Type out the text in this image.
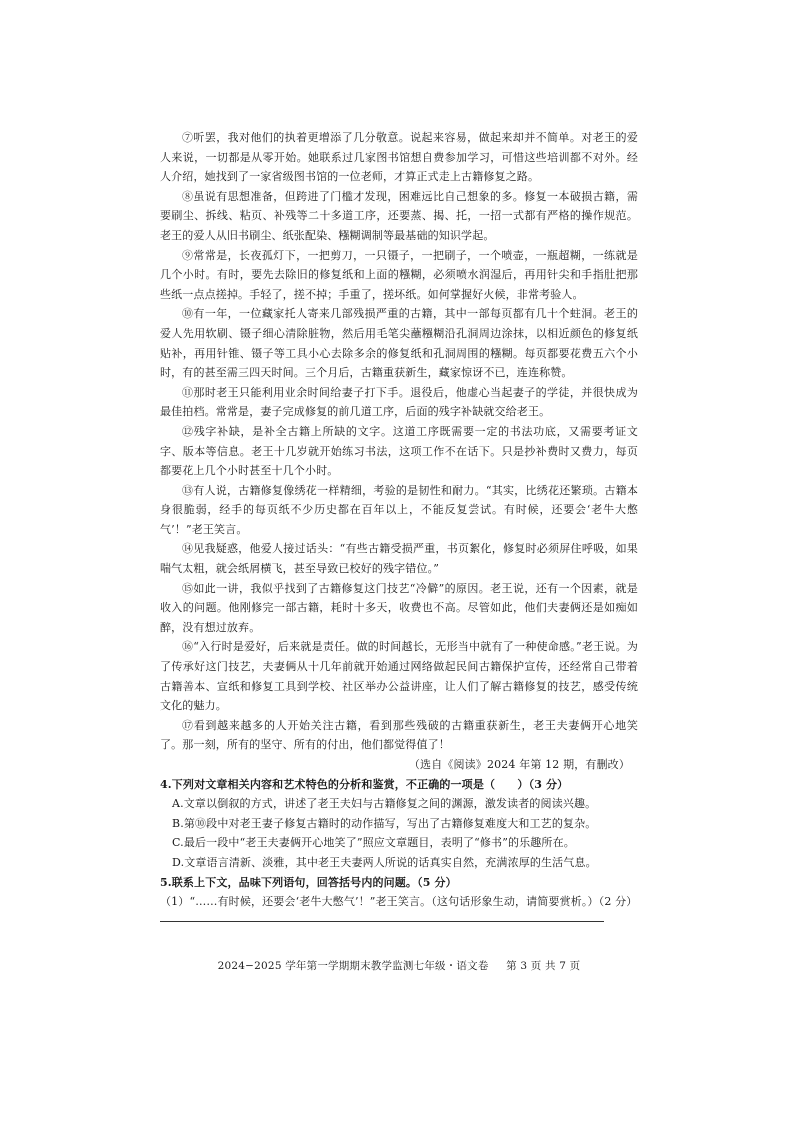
⑦听罢，我对他们的执着更增添了几分敬意。说起来容易，做起来却并不简单。对老王的爱人来说，一切都是从零开始。她联系过几家图书馆想自费参加学习，可惜这些培训都不对外。经人介绍，她找到了一家省级图书馆的一位老师，才算正式走上古籍修复之路。

⑧虽说有思想准备，但跨进了门槛才发现，困难远比自己想象的多。修复一本破损古籍，需要刷尘、拆线、粘页、补残等二十多道工序，还要蒸、揭、托，一招一式都有严格的操作规范。老王的爱人从旧书刷尘、纸张配染、糨糊调制等最基础的知识学起。

⑨常常是，长夜孤灯下，一把剪刀，一只镊子，一把刷子，一个喷壶，一瓶超糊，一练就是几个小时。有时，要先去除旧的修复纸和上面的糨糊，必须喷水润湿后，再用针尖和手指肚把那些纸一点点搓掉。手轻了，搓不掉；手重了，搓坏纸。如何掌握好火候，非常考验人。

⑩有一年，一位藏家托人寄来几部残损严重的古籍，其中一部每页都有几十个蛀洞。老王的爱人先用软刷、镊子细心清除脏物，然后用毛笔尖蘸糨糊沿孔洞周边涂抹，以相近颜色的修复纸贴补，再用针锥、镊子等工具小心去除多余的修复纸和孔洞周围的糨糊。每页都要花费五六个小时，有的甚至需三四天时间。三个月后，古籍重获新生，藏家惊讶不已，连连称赞。

⑪那时老王只能利用业余时间给妻子打下手。退役后，他虚心当起妻子的学徒，并很快成为最佳拍档。常常是，妻子完成修复的前几道工序，后面的残字补缺就交给老王。

⑫残字补缺，是补全古籍上所缺的文字。这道工序既需要一定的书法功底，又需要考证文字、版本等信息。老王十几岁就开始练习书法，这项工作不在话下。只是抄补费时又费力，每页都要花上几个小时甚至十几个小时。

⑬有人说，古籍修复像绣花一样精细，考验的是韧性和耐力。“其实，比绣花还繁琐。古籍本身很脆弱，经手的每页纸不少历史都在百年以上，不能反复尝试。有时候，还要会‘老牛大憋气’！”老王笑言。

⑭见我疑惑，他爱人接过话头：“有些古籍受损严重，书页絮化，修复时必须屏住呼吸，如果喘气太粗，就会纸屑横飞，甚至导致已校好的残字错位。”

⑮如此一讲，我似乎找到了古籍修复这门技艺“冷僻”的原因。老王说，还有一个因素，就是收入的问题。他刚修完一部古籍，耗时十多天，收费也不高。尽管如此，他们夫妻俩还是如痴如醉，没有想过放弃。

⑯“入行时是爱好，后来就是责任。做的时间越长，无形当中就有了一种使命感。”老王说。为了传承好这门技艺，夫妻俩从十几年前就开始通过网络做起民间古籍保护宣传，还经常自己带着古籍善本、宣纸和修复工具到学校、社区举办公益讲座，让人们了解古籍修复的技艺，感受传统文化的魅力。

⑰看到越来越多的人开始关注古籍，看到那些残破的古籍重获新生，老王夫妻俩开心地笑了。那一刻，所有的坚守、所有的付出，他们都觉得值了！

（选自《阅读》2024 年第 12 期，有删改）

4.下列对文章相关内容和艺术特色的分析和鉴赏，不正确的一项是（　　）（3 分）

A.文章以倒叙的方式，讲述了老王夫妇与古籍修复之间的渊源，激发读者的阅读兴趣。

B.第⑩段中对老王妻子修复古籍时的动作描写，写出了古籍修复难度大和工艺的复杂。

C.最后一段中“老王夫妻俩开心地笑了”照应文章题目，表明了“修书”的乐趣所在。

D.文章语言清新、淡雅，其中老王夫妻两人所说的话真实自然，充满浓厚的生活气息。

5.联系上下文，品味下列语句，回答括号内的问题。（5 分）

（1）“……有时候，还要会‘老牛大憋气’！”老王笑言。（这句话形象生动，请简要赏析。）（2 分）

2024−2025 学年第一学期期末教学监测七年级・语文卷 第 3 页 共 7 页
